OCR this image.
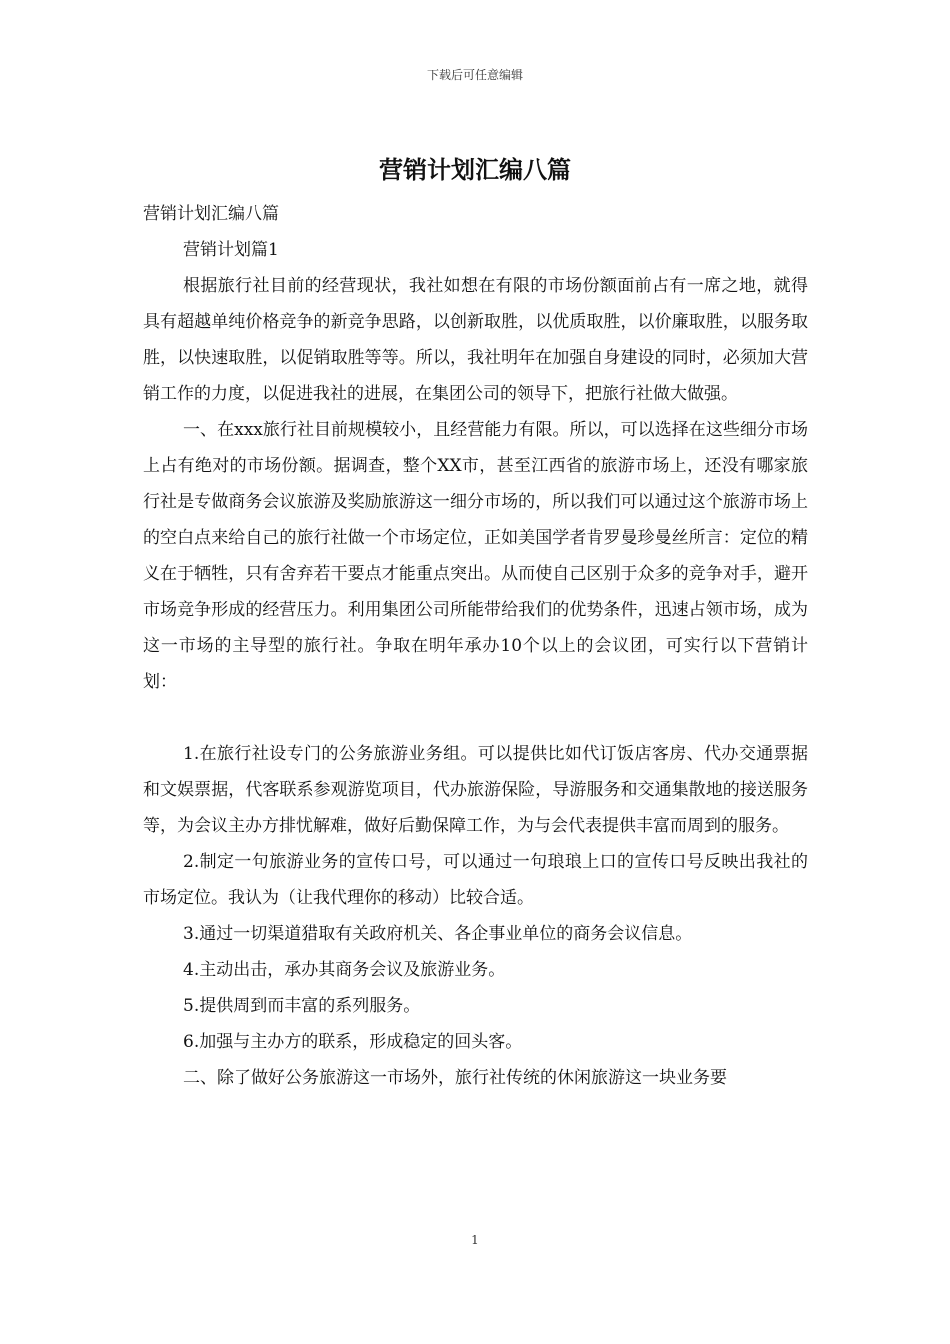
下载后可任意编辑
营销计划汇编八篇

营销计划汇编八篇

营销计划篇1

根据旅行社目前的经营现状，我社如想在有限的市场份额面前占有一席之地，就得具有超越单纯价格竞争的新竞争思路，以创新取胜，以优质取胜，以价廉取胜，以服务取胜，以快速取胜，以促销取胜等等。所以，我社明年在加强自身建设的同时，必须加大营销工作的力度，以促进我社的进展，在集团公司的领导下，把旅行社做大做强。

一、在xxx旅行社目前规模较小，且经营能力有限。所以，可以选择在这些细分市场上占有绝对的市场份额。据调查，整个XX市，甚至江西省的旅游市场上，还没有哪家旅行社是专做商务会议旅游及奖励旅游这一细分市场的，所以我们可以通过这个旅游市场上的空白点来给自己的旅行社做一个市场定位，正如美国学者肯罗曼珍曼丝所言：定位的精义在于牺牲，只有舍弃若干要点才能重点突出。从而使自己区别于众多的竞争对手，避开市场竞争形成的经营压力。利用集团公司所能带给我们的优势条件，迅速占领市场，成为这一市场的主导型的旅行社。争取在明年承办10个以上的会议团，可实行以下营销计划：

1.在旅行社设专门的公务旅游业务组。可以提供比如代订饭店客房、代办交通票据和文娱票据，代客联系参观游览项目，代办旅游保险，导游服务和交通集散地的接送服务等，为会议主办方排忧解难，做好后勤保障工作，为与会代表提供丰富而周到的服务。

2.制定一句旅游业务的宣传口号，可以通过一句琅琅上口的宣传口号反映出我社的市场定位。我认为（让我代理你的移动）比较合适。

3.通过一切渠道猎取有关政府机关、各企事业单位的商务会议信息。

4.主动出击，承办其商务会议及旅游业务。

5.提供周到而丰富的系列服务。

6.加强与主办方的联系，形成稳定的回头客。

二、除了做好公务旅游这一市场外，旅行社传统的休闲旅游这一块业务要

1
